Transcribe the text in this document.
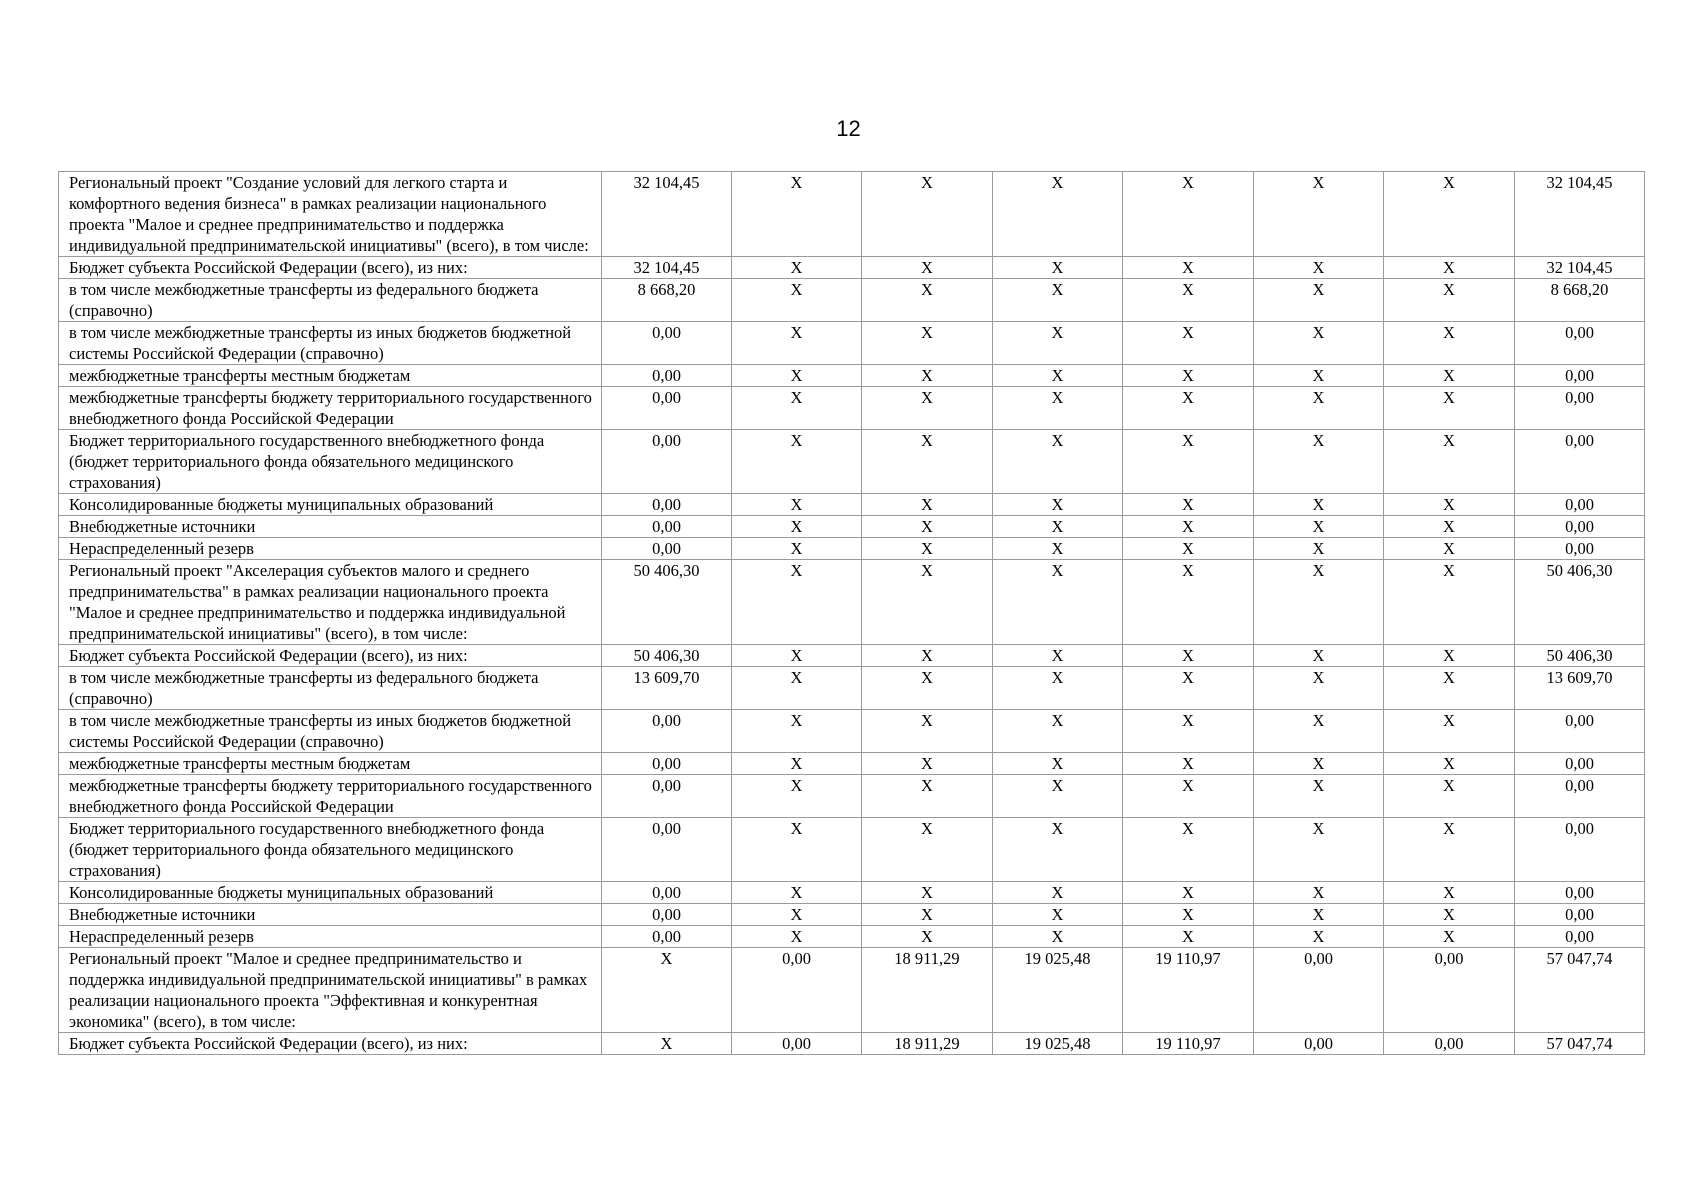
12
Региональный проект "Создание условий для легкого старта и комфортного ведения бизнеса" в рамках реализации национального проекта "Малое и среднее предпринимательство и поддержка индивидуальной предпринимательской инициативы" (всего), в том числе:	32 104,45	X	X	X	X	X	X	32 104,45
Бюджет субъекта Российской Федерации (всего), из них:	32 104,45	X	X	X	X	X	X	32 104,45
в том числе межбюджетные трансферты из федерального бюджета (справочно)	8 668,20	X	X	X	X	X	X	8 668,20
в том числе межбюджетные трансферты из иных бюджетов бюджетной системы Российской Федерации (справочно)	0,00	X	X	X	X	X	X	0,00
межбюджетные трансферты местным бюджетам	0,00	X	X	X	X	X	X	0,00
межбюджетные трансферты бюджету территориального государственного внебюджетного фонда Российской Федерации	0,00	X	X	X	X	X	X	0,00
Бюджет территориального государственного внебюджетного фонда (бюджет территориального фонда обязательного медицинского страхования)	0,00	X	X	X	X	X	X	0,00
Консолидированные бюджеты муниципальных образований	0,00	X	X	X	X	X	X	0,00
Внебюджетные источники	0,00	X	X	X	X	X	X	0,00
Нераспределенный резерв	0,00	X	X	X	X	X	X	0,00
Региональный проект "Акселерация субъектов малого и среднего предпринимательства" в рамках реализации национального проекта "Малое и среднее предпринимательство и поддержка индивидуальной предпринимательской инициативы" (всего), в том числе:	50 406,30	X	X	X	X	X	X	50 406,30
Бюджет субъекта Российской Федерации (всего), из них:	50 406,30	X	X	X	X	X	X	50 406,30
в том числе межбюджетные трансферты из федерального бюджета (справочно)	13 609,70	X	X	X	X	X	X	13 609,70
в том числе межбюджетные трансферты из иных бюджетов бюджетной системы Российской Федерации (справочно)	0,00	X	X	X	X	X	X	0,00
межбюджетные трансферты местным бюджетам	0,00	X	X	X	X	X	X	0,00
межбюджетные трансферты бюджету территориального государственного внебюджетного фонда Российской Федерации	0,00	X	X	X	X	X	X	0,00
Бюджет территориального государственного внебюджетного фонда (бюджет территориального фонда обязательного медицинского страхования)	0,00	X	X	X	X	X	X	0,00
Консолидированные бюджеты муниципальных образований	0,00	X	X	X	X	X	X	0,00
Внебюджетные источники	0,00	X	X	X	X	X	X	0,00
Нераспределенный резерв	0,00	X	X	X	X	X	X	0,00
Региональный проект "Малое и среднее предпринимательство и поддержка индивидуальной предпринимательской инициативы" в рамках реализации национального проекта "Эффективная и конкурентная экономика" (всего), в том числе:	X	0,00	18 911,29	19 025,48	19 110,97	0,00	0,00	57 047,74
Бюджет субъекта Российской Федерации (всего), из них:	X	0,00	18 911,29	19 025,48	19 110,97	0,00	0,00	57 047,74
